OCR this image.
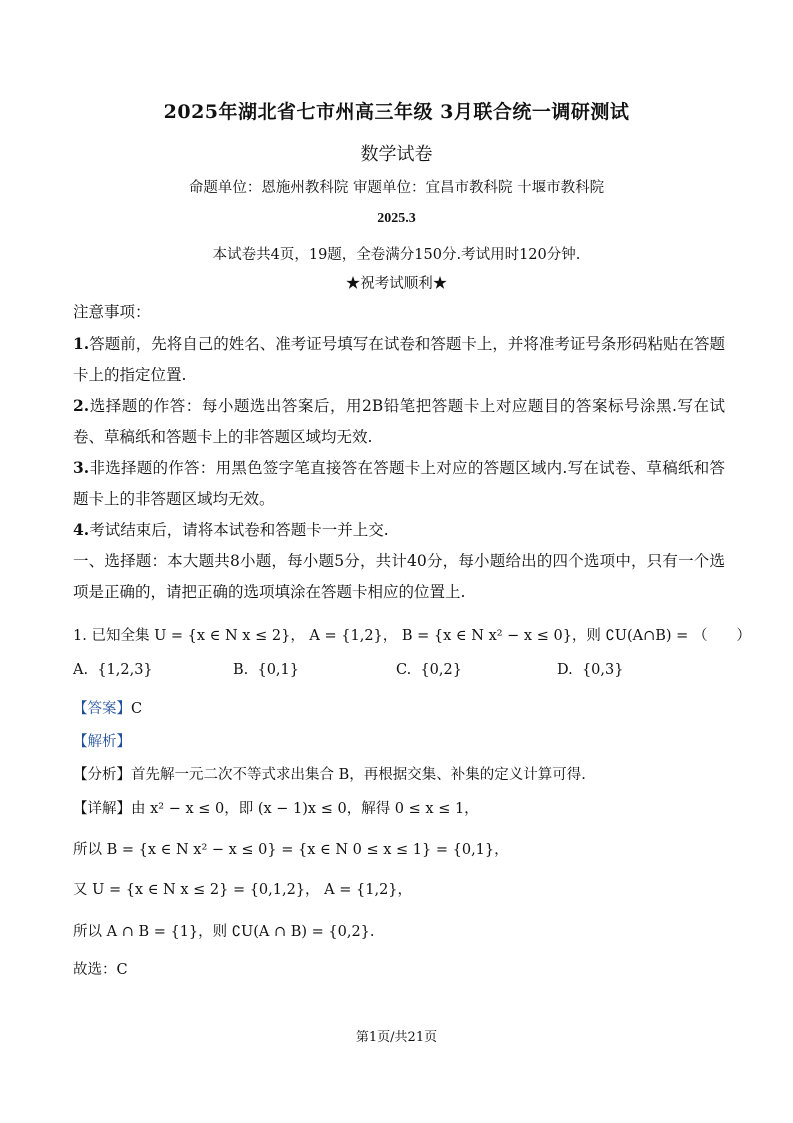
2025年湖北省七市州高三年级 3月联合统一调研测试
数学试卷
命题单位：恩施州教科院 审题单位：宜昌市教科院 十堰市教科院
2025.3
本试卷共4页，19题，全卷满分150分.考试用时120分钟.
★祝考试顺利★
注意事项：
1.答题前，先将自己的姓名、准考证号填写在试卷和答题卡上，并将准考证号条形码粘贴在答题卡上的指定位置.
2.选择题的作答：每小题选出答案后，用2B铅笔把答题卡上对应题目的答案标号涂黑.写在试卷、草稿纸和答题卡上的非答题区域均无效.
3.非选择题的作答：用黑色签字笔直接答在答题卡上对应的答题区域内.写在试卷、草稿纸和答题卡上的非答题区域均无效。
4.考试结束后，请将本试卷和答题卡一并上交.
一、选择题：本大题共8小题，每小题5分，共计40分，每小题给出的四个选项中，只有一个选项是正确的，请把正确的选项填涂在答题卡相应的位置上.
1. 已知全集 U = {x ∈ N x ≤ 2}， A = {1,2}， B = {x ∈ N x² − x ≤ 0}，则 ∁U(A∩B) = （　　）
A. {1,2,3}	B. {0,1}	C. {0,2}	D. {0,3}
【答案】C
【解析】
【分析】首先解一元二次不等式求出集合 B，再根据交集、补集的定义计算可得.
【详解】由 x² − x ≤ 0，即 (x − 1)x ≤ 0，解得 0 ≤ x ≤ 1，
所以 B = {x ∈ N x² − x ≤ 0} = {x ∈ N 0 ≤ x ≤ 1} = {0,1}，
又 U = {x ∈ N x ≤ 2} = {0,1,2}， A = {1,2}，
所以 A ∩ B = {1}，则 ∁U(A ∩ B) = {0,2}.
故选：C
第1页/共21页
